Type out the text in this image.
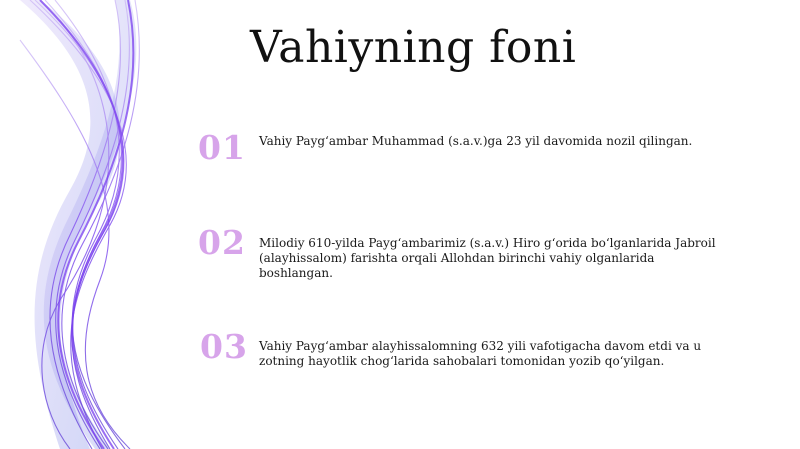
Vahiyning foni
01 Vahiy Payg‘ambar Muhammad (s.a.v.)ga 23 yil davomida nozil qilingan.
02 Milodiy 610-yilda Payg‘ambarimiz (s.a.v.) Hiro g‘orida bo‘lganlarida Jabroil (alayhissalom) farishta orqali Allohdan birinchi vahiy olganlarida boshlangan.
03 Vahiy Payg‘ambar alayhissalomning 632 yili vafotigacha davom etdi va u zotning hayotlik chog‘larida sahobalari tomonidan yozib qo‘yilgan.
